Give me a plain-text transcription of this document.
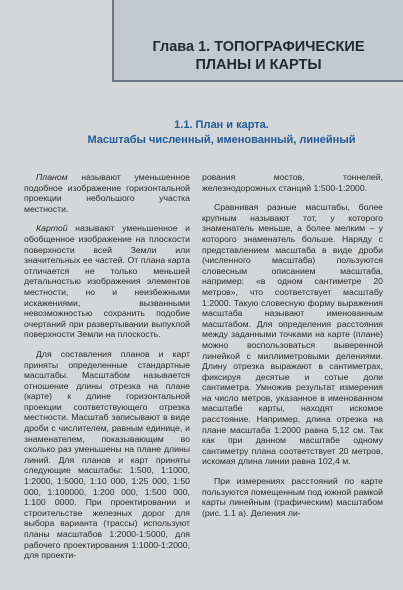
Глава 1. ТОПОГРАФИЧЕСКИЕ
ПЛАНЫ И КАРТЫ
1.1. План и карта.
Масштабы численный, именованный, линейный

Планом называют уменьшенное подобное изображение горизонтальной проекции небольшого участка местности.

Картой называют уменьшенное и обобщенное изображение на плоскости поверхности всей Земли или значительных ее частей. От плана карта отличается не только меньшей детальностью изображения элементов местности, но и неизбежными искажениями, вызванными невозможностью сохранить подобие очертаний при развертывании выпуклой поверхности Земли на плоскость.

Для составления планов и карт приняты определенные стандартные масштабы. Масштабом называется отношение длины отрезка на плане (карте) к длине горизонтальной проекции соответствующего отрезка местности. Масштаб записывают в виде дроби с числителем, равным единице, и знаменателем, показывающим во сколько раз уменьшены на плане длины линий. Для планов и карт приняты следующие масштабы: 1:500, 1:1000, 1:2000, 1:5000, 1:10 000, 1:25 000, 1:50 000, 1:100000, 1:200 000, 1:500 000, 1:100 0000. При проектировании и строительстве железных дорог для выбора варианта (трассы) используют планы масштабов 1:2000-1:5000, для рабочего проектирования 1:1000-1:2000, для проекти-

рования мостов, тоннелей, железнодорожных станций 1:500-1:2000.

Сравнивая разные масштабы, более крупным называют тот, у которого знаменатель меньше, а более мелким – у которого знаменатель больше. Наряду с представлением масштаба в виде дроби (численного масштаба) пользуются словесным описанием масштаба, например: «в одном сантиметре 20 метров», что соответствует масштабу 1:2000. Такую словесную форму выражения масштаба называют именованным масштабом. Для определения расстояния между заданными точками на карте (плане) можно воспользоваться выверенной линейкой с миллиметровыми делениями. Длину отрезка выражают в сантиметрах, фиксируя десятые и сотые доли сантиметра. Умножив результат измерения на число метров, указанное в именованном масштабе карты, находят искомое расстояние. Например, длина отрезка на плане масштаба 1:2000 равна 5,12 см. Так как при данном масштабе одному сантиметру плана соответствует 20 метров, искомая длина линии равна 102,4 м.

При измерениях расстояний по карте пользуются помещенным под южной рамкой карты линейным (графическим) масштабом (рис. 1.1 а). Деления ли-
